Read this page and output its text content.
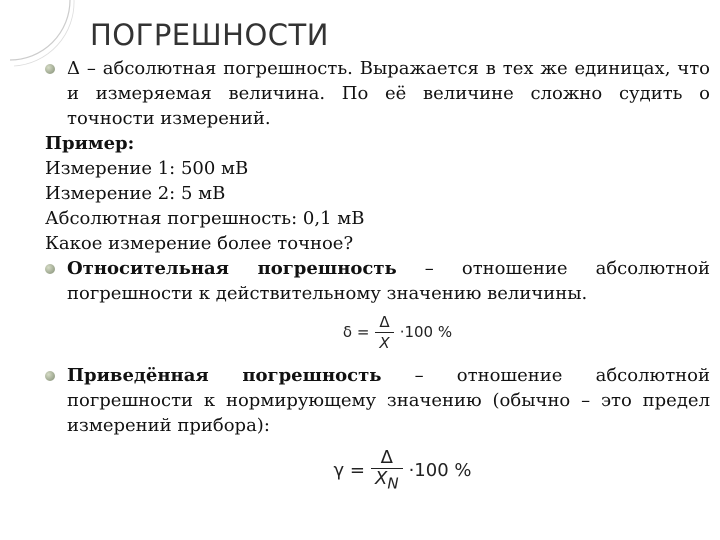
ПОГРЕШНОСТИ
Δ – абсолютная погрешность. Выражается в тех же единицах, что и измеряемая величина. По её величине сложно судить о точности измерений.
Пример:
Измерение 1: 500 мВ
Измерение 2: 5 мВ
Абсолютная погрешность: 0,1 мВ
Какое измерение более точное?
Относительная погрешность – отношение абсолютной погрешности к действительному значению величины.
$\delta = \frac{\Delta}{X} \cdot 100$ %
Приведённая погрешность – отношение абсолютной погрешности к нормирующему значению (обычно – это предел измерений прибора):
$\gamma = \frac{\Delta}{X_N} \cdot 100$ %
